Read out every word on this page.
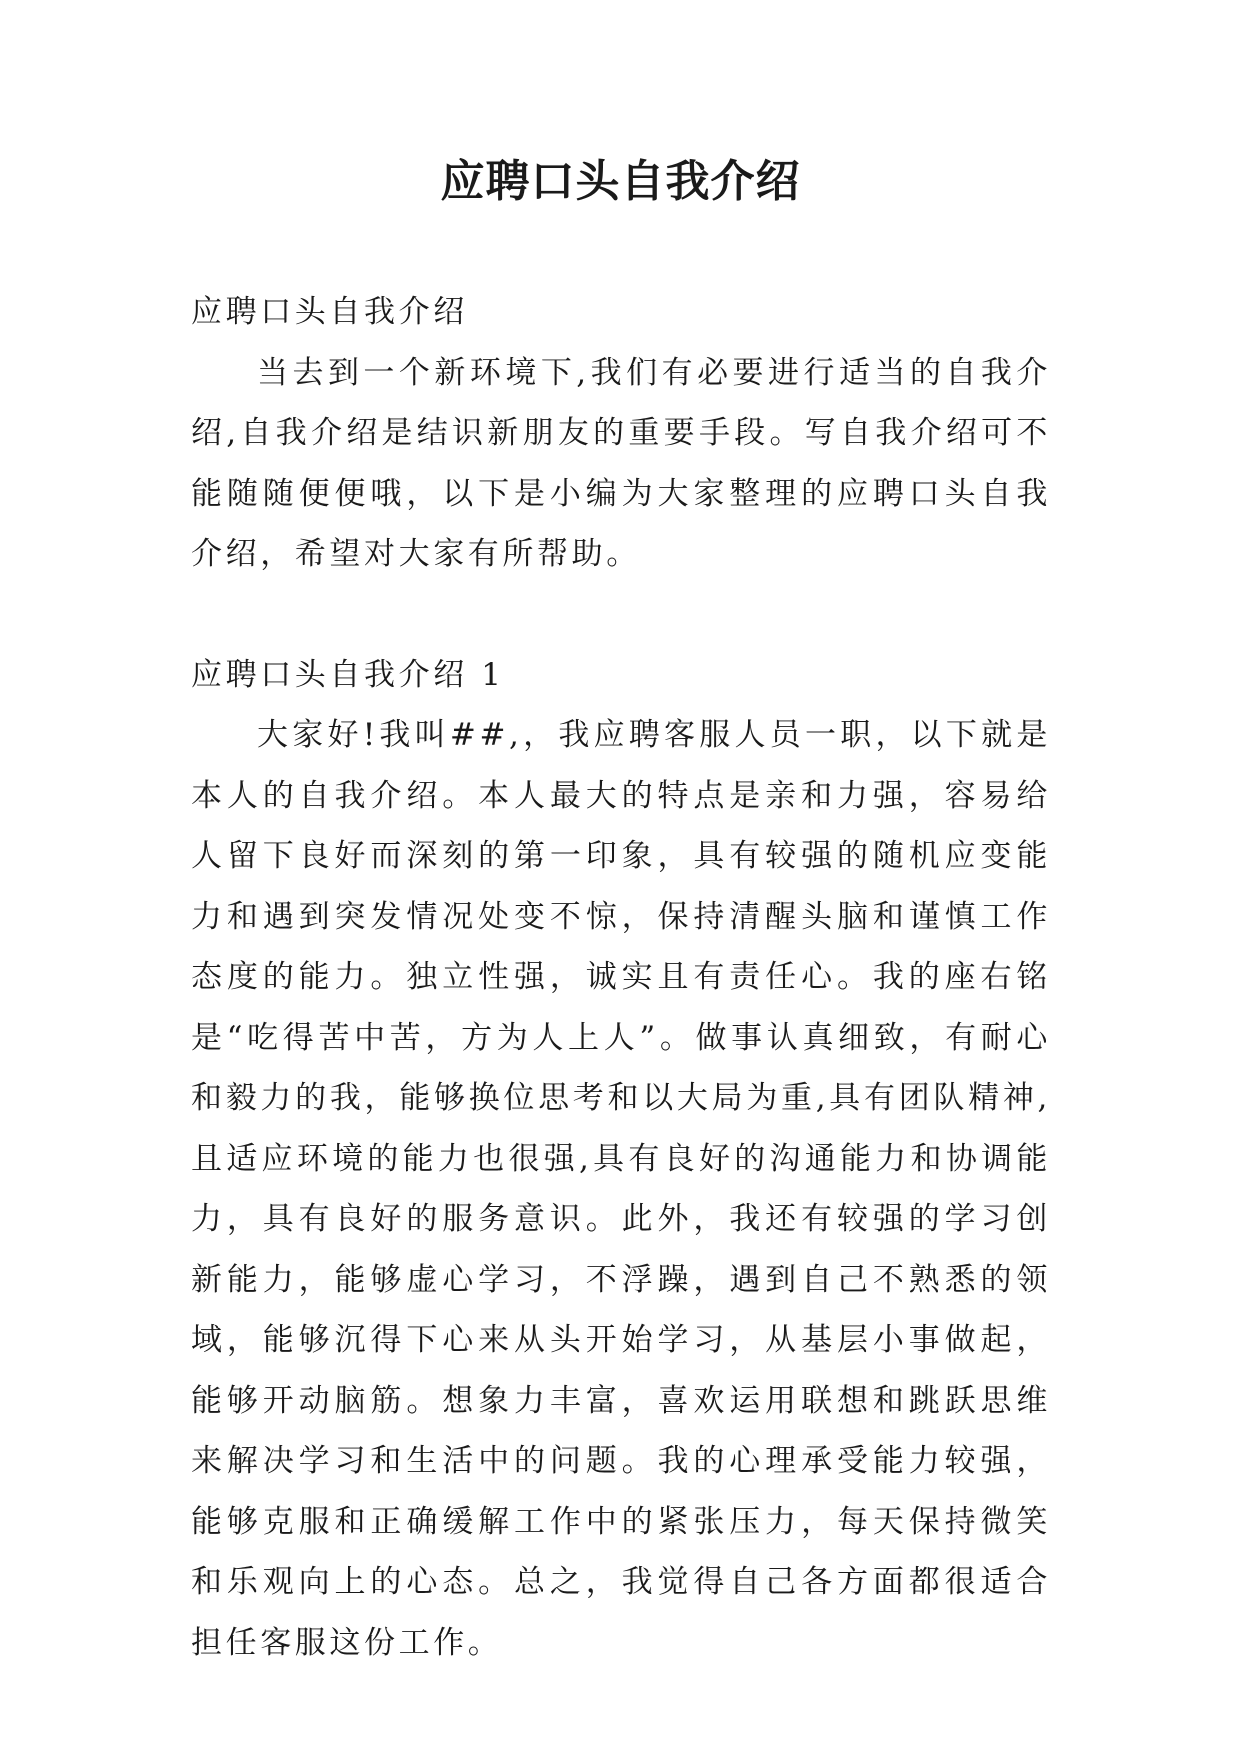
应聘口头自我介绍

应聘口头自我介绍

当去到一个新环境下,我们有必要进行适当的自我介绍,自我介绍是结识新朋友的重要手段。写自我介绍可不能随随便便哦，以下是小编为大家整理的应聘口头自我介绍，希望对大家有所帮助。

应聘口头自我介绍 1

大家好!我叫##,，我应聘客服人员一职，以下就是本人的自我介绍。本人最大的特点是亲和力强，容易给人留下良好而深刻的第一印象，具有较强的随机应变能力和遇到突发情况处变不惊，保持清醒头脑和谨慎工作态度的能力。独立性强，诚实且有责任心。我的座右铭是“吃得苦中苦，方为人上人”。做事认真细致，有耐心和毅力的我，能够换位思考和以大局为重,具有团队精神,且适应环境的能力也很强,具有良好的沟通能力和协调能力，具有良好的服务意识。此外，我还有较强的学习创新能力，能够虚心学习，不浮躁，遇到自己不熟悉的领域，能够沉得下心来从头开始学习，从基层小事做起，能够开动脑筋。想象力丰富，喜欢运用联想和跳跃思维来解决学习和生活中的问题。我的心理承受能力较强，能够克服和正确缓解工作中的紧张压力，每天保持微笑和乐观向上的心态。总之，我觉得自己各方面都很适合担任客服这份工作。
